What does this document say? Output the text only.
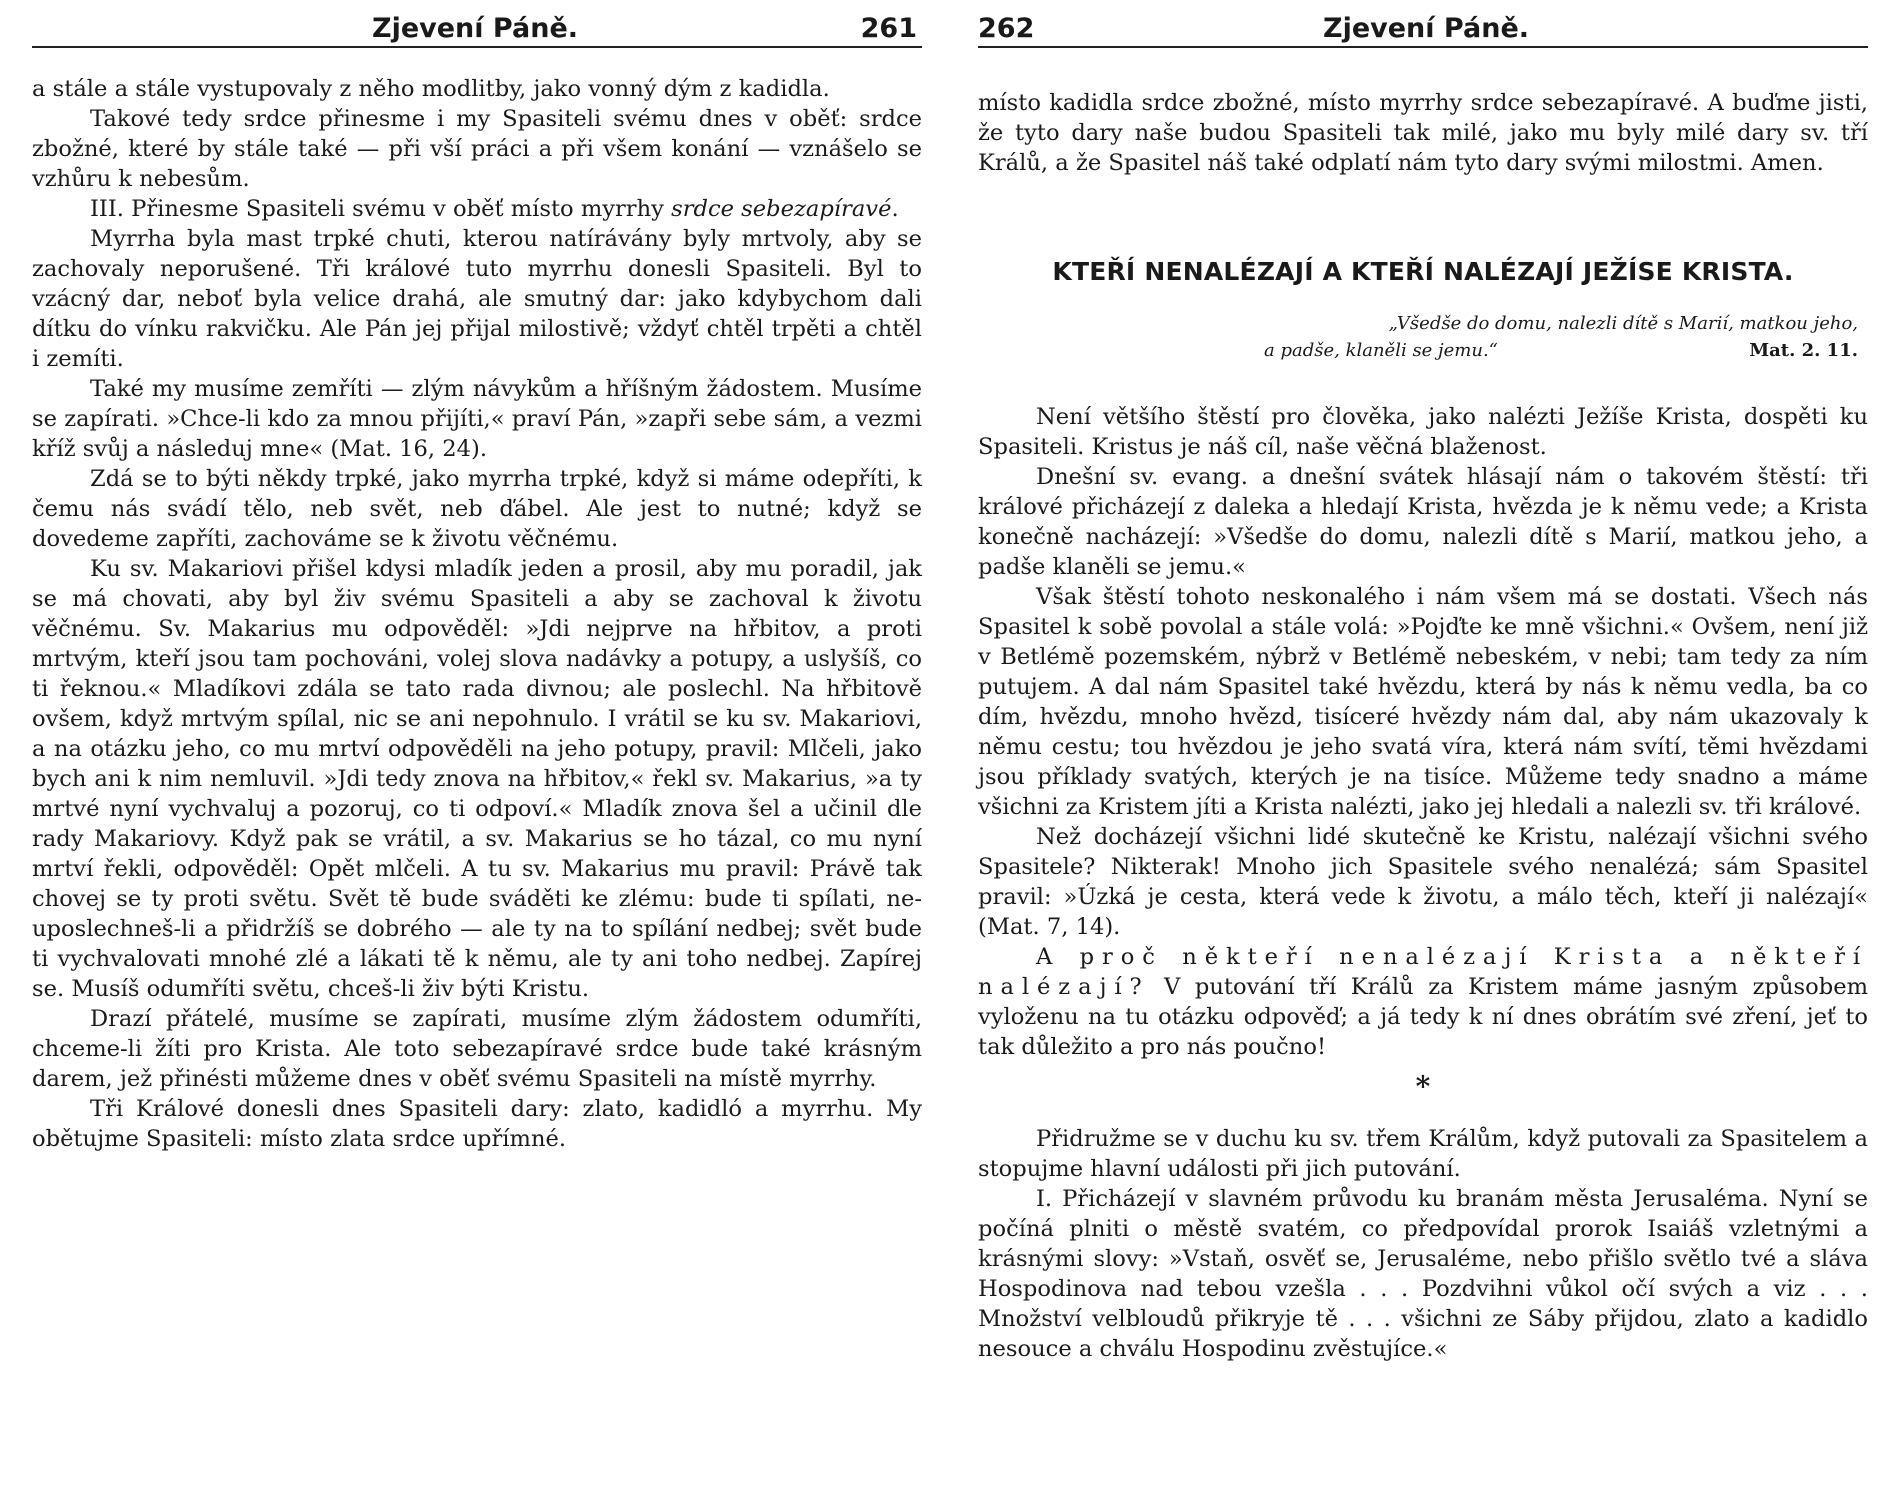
Zjevení Páně.	261

a stále a stále vystupovaly z něho modlitby, jako vonný dým z kadidla.

Takové tedy srdce přinesme i my Spasiteli svému dnes v oběť: srdce zbožné, které by stále také — při vší práci a při všem konání — vznášelo se vzhůru k nebesům.

III. Přinesme Spasiteli svému v oběť místo myrrhy srdce sebezapíravé.

Myrrha byla mast trpké chuti, kterou natírávány byly mrtvoly, aby se zachovaly neporušené. Tři králové tuto myrrhu donesli Spasiteli. Byl to vzácný dar, neboť byla velice drahá, ale smutný dar: jako kdybychom dali dítku do vínku rakvičku. Ale Pán jej přijal milostivě; vždyť chtěl trpěti a chtěl i zemíti.

Také my musíme zemříti — zlým návykům a hříšným žádostem. Musíme se zapírati. »Chce-li kdo za mnou přijíti,« praví Pán, »zapři sebe sám, a vezmi kříž svůj a následuj mne« (Mat. 16, 24).

Zdá se to býti někdy trpké, jako myrrha trpké, když si máme odepříti, k čemu nás svádí tělo, neb svět, neb ďábel. Ale jest to nutné; když se dovedeme zapříti, zachováme se k životu věčnému.

Ku sv. Makariovi přišel kdysi mladík jeden a prosil, aby mu poradil, jak se má chovati, aby byl živ svému Spasiteli a aby se zachoval k životu věčnému. Sv. Makarius mu odpověděl: »Jdi nejprve na hřbitov, a proti mrtvým, kteří jsou tam pochováni, volej slova nadávky a potupy, a uslyšíš, co ti řeknou.« Mladíkovi zdála se tato rada divnou; ale poslechl. Na hřbitově ovšem, když mrtvým spílal, nic se ani nepohnulo. I vrátil se ku sv. Makariovi, a na otázku jeho, co mu mrtví odpověděli na jeho potupy, pravil: Mlčeli, jako bych ani k nim nemluvil. »Jdi tedy znova na hřbitov,« řekl sv. Makarius, »a ty mrtvé nyní vychvaluj a pozoruj, co ti odpoví.« Mladík znova šel a učinil dle rady Makariovy. Když pak se vrátil, a sv. Makarius se ho tázal, co mu nyní mrtví řekli, odpověděl: Opět mlčeli. A tu sv. Makarius mu pravil: Právě tak chovej se ty proti světu. Svět tě bude sváděti ke zlému: bude ti spílati, neuposlechneš-li a přidržíš se dobrého — ale ty na to spílání nedbej; svět bude ti vychvalovati mnohé zlé a lákati tě k němu, ale ty ani toho nedbej. Zapírej se. Musíš odumříti světu, chceš-li živ býti Kristu.

Drazí přátelé, musíme se zapírati, musíme zlým žádostem odumříti, chceme-li žíti pro Krista. Ale toto sebezapíravé srdce bude také krásným darem, jež přinésti můžeme dnes v oběť svému Spasiteli na místě myrrhy.

Tři Králové donesli dnes Spasiteli dary: zlato, kadidló a myrrhu. My obětujme Spasiteli: místo zlata srdce upřímné.

262	Zjevení Páně.

místo kadidla srdce zbožné, místo myrrhy srdce sebezapíravé. A buďme jisti, že tyto dary naše budou Spasiteli tak milé, jako mu byly milé dary sv. tří Králů, a že Spasitel náš také odplatí nám tyto dary svými milostmi. Amen.

KTEŘÍ NENALÉZAJÍ A KTEŘÍ NALÉZAJÍ JEŽÍSE KRISTA.
„Všedše do domu, nalezli dítě s Marií, matkou jeho,
a padše, klaněli se jemu.“	Mat. 2. 11.

Není většího štěstí pro člověka, jako nalézti Ježíše Krista, dospěti ku Spasiteli. Kristus je náš cíl, naše věčná blaženost.

Dnešní sv. evang. a dnešní svátek hlásají nám o takovém štěstí: tři králové přicházejí z daleka a hledají Krista, hvězda je k němu vede; a Krista konečně nacházejí: »Všedše do domu, nalezli dítě s Marií, matkou jeho, a padše klaněli se jemu.«

Však štěstí tohoto neskonalého i nám všem má se dostati. Všech nás Spasitel k sobě povolal a stále volá: »Pojďte ke mně všichni.« Ovšem, není již v Betlémě pozemském, nýbrž v Betlémě nebeském, v nebi; tam tedy za ním putujem. A dal nám Spasitel také hvězdu, která by nás k němu vedla, ba co dím, hvězdu, mnoho hvězd, tisíceré hvězdy nám dal, aby nám ukazovaly k němu cestu; tou hvězdou je jeho svatá víra, která nám svítí, těmi hvězdami jsou příklady svatých, kterých je na tisíce. Můžeme tedy snadno a máme všichni za Kristem jíti a Krista nalézti, jako jej hledali a nalezli sv. tři králové.

Než docházejí všichni lidé skutečně ke Kristu, nalézají všichni svého Spasitele? Nikterak! Mnoho jich Spasitele svého nenalézá; sám Spasitel pravil: »Úzká je cesta, která vede k životu, a málo těch, kteří ji nalézají« (Mat. 7, 14).

A proč někteří nenalézají Krista a někteří nalézají? V putování tří Králů za Kristem máme jasným způsobem vyloženu na tu otázku odpověď; a já tedy k ní dnes obrátím své zření, jeť to tak důležito a pro nás poučno!

*

Přidružme se v duchu ku sv. třem Králům, když putovali za Spasitelem a stopujme hlavní události při jich putování.

I. Přicházejí v slavném průvodu ku branám města Jerusaléma. Nyní se počíná plniti o městě svatém, co předpovídal prorok Isaiáš vzletnými a krásnými slovy: »Vstaň, osvěť se, Jerusaléme, nebo přišlo světlo tvé a sláva Hospodinova nad tebou vzešla . . . Pozdvihni vůkol očí svých a viz . . . Množství velbloudů přikryje tě . . . všichni ze Sáby přijdou, zlato a kadidlo nesouce a chválu Hospodinu zvěstujíce.«
